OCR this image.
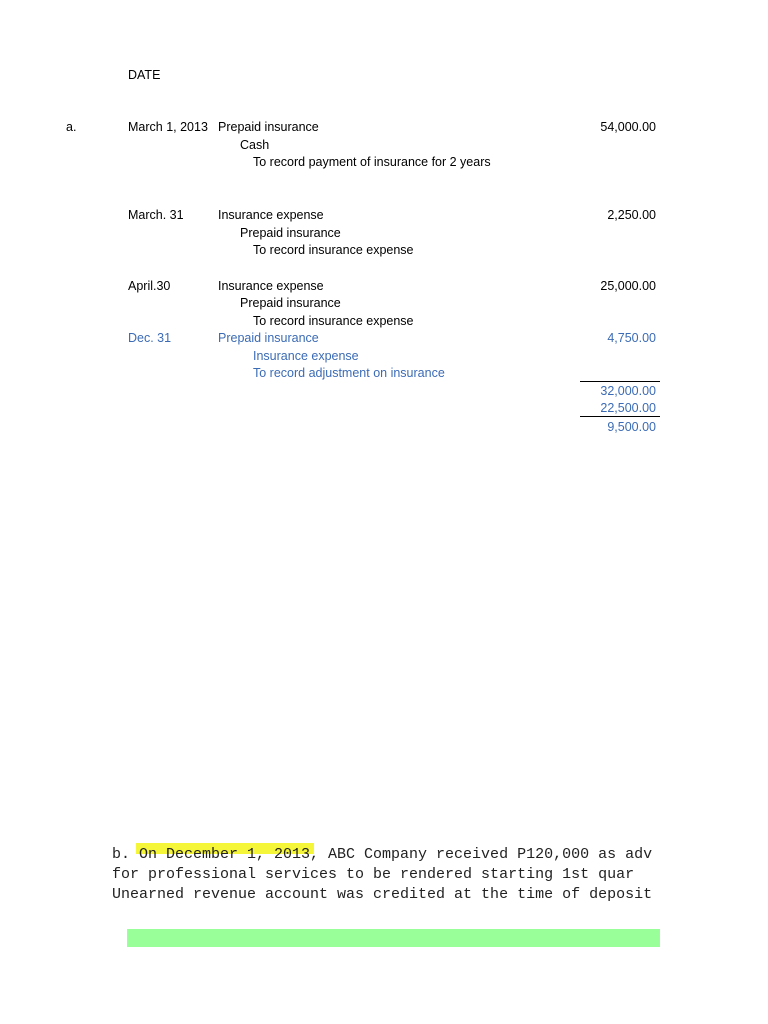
DATE
a.	March 1, 2013 Prepaid insurance	54,000.00
Cash
To record payment of insurance for 2 years
March. 31	Insurance expense	2,250.00
Prepaid insurance
To record insurance expense
April.30	Insurance expense	25,000.00
Prepaid insurance
To record insurance expense
Dec. 31	Prepaid insurance	4,750.00
Insurance expense
To record adjustment on insurance
32,000.00
22,500.00
9,500.00
b. On December 1, 2013, ABC Company received P120,000 as adv
for professional services to be rendered starting 1st quar
Unearned revenue account was credited at the time of deposit
